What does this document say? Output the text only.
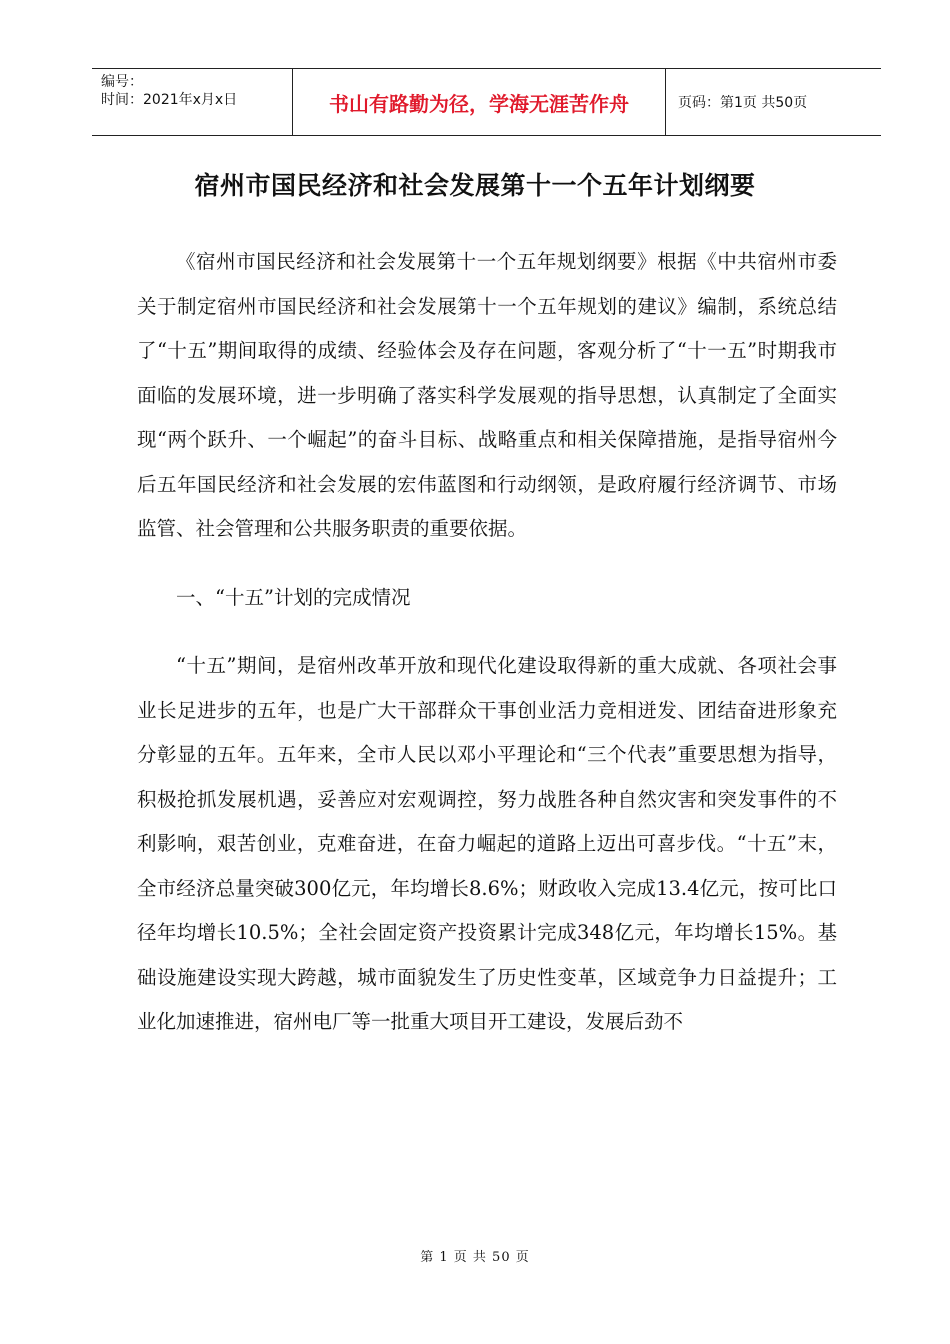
编号：
时间：2021年x月x日	书山有路勤为径，学海无涯苦作舟	页码：第1页 共50页
宿州市国民经济和社会发展第十一个五年计划纲要

《宿州市国民经济和社会发展第十一个五年规划纲要》根据《中共宿州市委关于制定宿州市国民经济和社会发展第十一个五年规划的建议》编制，系统总结了“十五”期间取得的成绩、经验体会及存在问题，客观分析了“十一五”时期我市面临的发展环境，进一步明确了落实科学发展观的指导思想，认真制定了全面实现“两个跃升、一个崛起”的奋斗目标、战略重点和相关保障措施，是指导宿州今后五年国民经济和社会发展的宏伟蓝图和行动纲领，是政府履行经济调节、市场监管、社会管理和公共服务职责的重要依据。

一、“十五”计划的完成情况

“十五”期间，是宿州改革开放和现代化建设取得新的重大成就、各项社会事业长足进步的五年，也是广大干部群众干事创业活力竞相迸发、团结奋进形象充分彰显的五年。五年来，全市人民以邓小平理论和“三个代表”重要思想为指导，积极抢抓发展机遇，妥善应对宏观调控，努力战胜各种自然灾害和突发事件的不利影响，艰苦创业，克难奋进，在奋力崛起的道路上迈出可喜步伐。“十五”末，全市经济总量突破300亿元，年均增长8.6%；财政收入完成13.4亿元，按可比口径年均增长10.5%；全社会固定资产投资累计完成348亿元，年均增长15%。基础设施建设实现大跨越，城市面貌发生了历史性变革，区域竞争力日益提升；工业化加速推进，宿州电厂等一批重大项目开工建设，发展后劲不

第 1 页 共 50 页
